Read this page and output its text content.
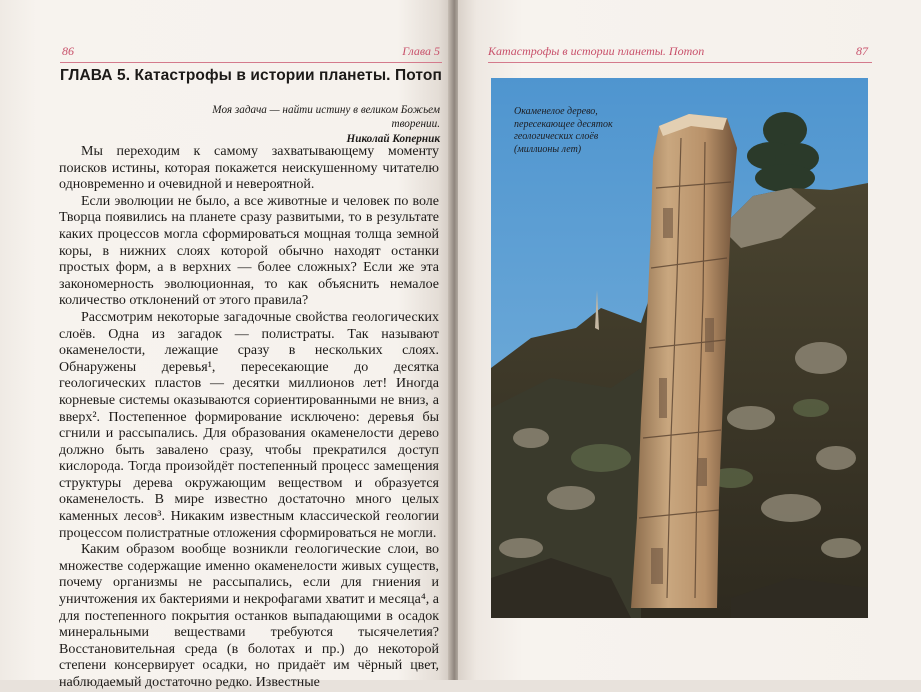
86	Глава 5
ГЛАВА 5. Катастрофы в истории планеты. Потоп
Моя задача — найти истину в великом Божьем творении.
Николай Коперник

Мы переходим к самому захватывающему моменту поисков истины, которая покажется неискушенному читателю одновременно и очевидной и невероятной.

Если эволюции не было, а все животные и человек по воле Творца появились на планете сразу развитыми, то в результате каких процессов могла сформироваться мощная толща земной коры, в нижних слоях которой обычно находят останки простых форм, а в верхних — более сложных? Если же эта закономерность эволюционная, то как объяснить немалое количество отклонений от этого правила?

Рассмотрим некоторые загадочные свойства геологических слоёв. Одна из загадок — полистраты. Так называют окаменелости, лежащие сразу в нескольких слоях. Обнаружены деревья¹, пересекающие до десятка геологических пластов — десятки миллионов лет! Иногда корневые системы оказываются сориентированными не вниз, а вверх². Постепенное формирование исключено: деревья бы сгнили и рассыпались. Для образования окаменелости дерево должно быть завалено сразу, чтобы прекратился доступ кислорода. Тогда произойдёт постепенный процесс замещения структуры дерева окружающим веществом и образуется окаменелость. В мире известно достаточно много целых каменных лесов³. Никаким известным классической геологии процессом полистратные отложения сформироваться не могли.

Каким образом вообще возникли геологические слои, во множестве содержащие именно окаменелости живых существ, почему организмы не рассыпались, если для гниения и уничтожения их бактериями и некрофагами хватит и месяца⁴, а для постепенного покрытия останков выпадающими в осадок минеральными веществами требуются тысячелетия? Восстановительная среда (в болотах и пр.) до некоторой степени консервирует осадки, но придаёт им чёрный цвет, наблюдаемый достаточно редко. Известные

Катастрофы в истории планеты. Потоп	87
Окаменелое дерево, пересекающее десяток геологических слоёв (миллионы лет)
